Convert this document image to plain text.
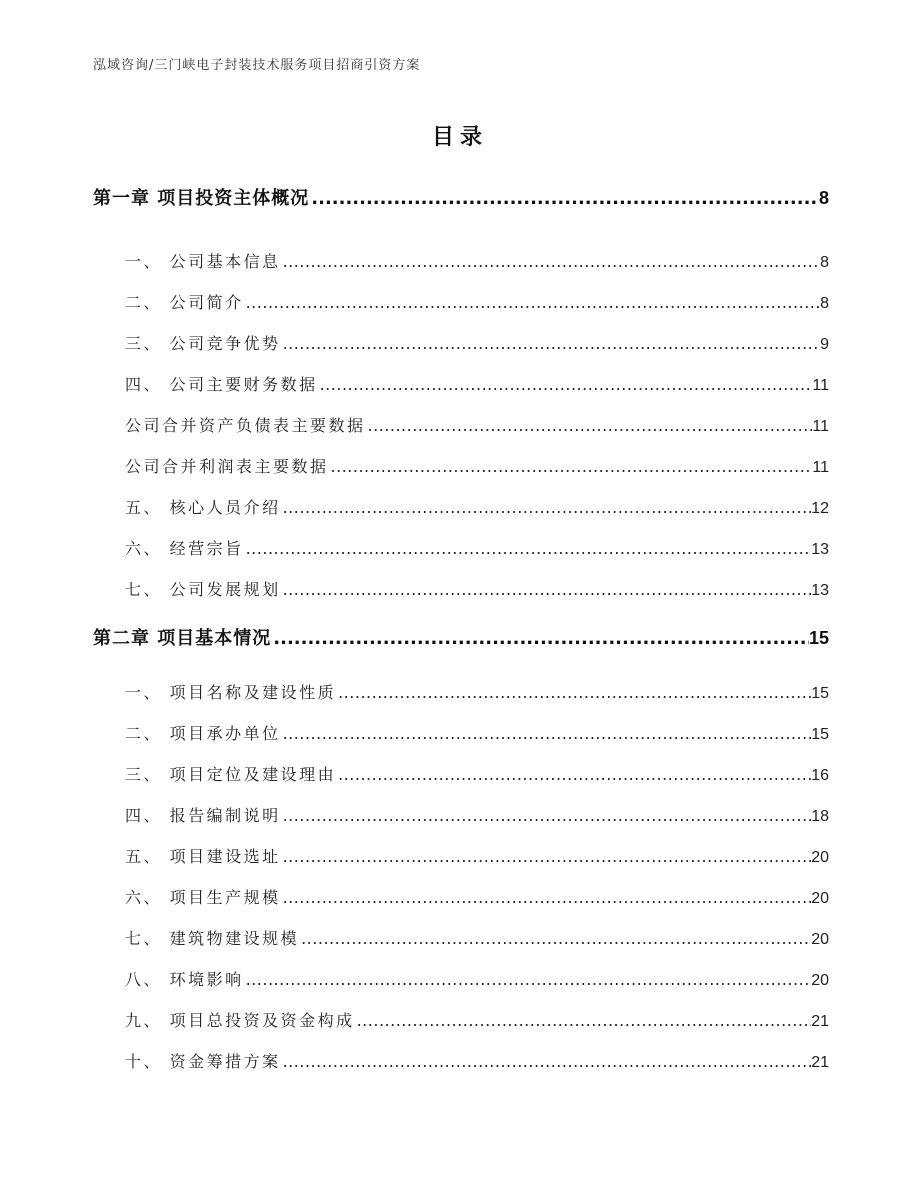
泓域咨询/三门峡电子封装技术服务项目招商引资方案
目录
第一章 项目投资主体概况 .....	8
一、 公司基本信息 .....	8
二、 公司简介 .....	8
三、 公司竞争优势 .....	9
四、 公司主要财务数据 .....	11
公司合并资产负债表主要数据 .....	11
公司合并利润表主要数据 .....	11
五、 核心人员介绍 .....	12
六、 经营宗旨 .....	13
七、 公司发展规划 .....	13
第二章 项目基本情况 .....	15
一、 项目名称及建设性质 .....	15
二、 项目承办单位 .....	15
三、 项目定位及建设理由 .....	16
四、 报告编制说明 .....	18
五、 项目建设选址 .....	20
六、 项目生产规模 .....	20
七、 建筑物建设规模 .....	20
八、 环境影响 .....	20
九、 项目总投资及资金构成 .....	21
十、 资金筹措方案 .....	21
